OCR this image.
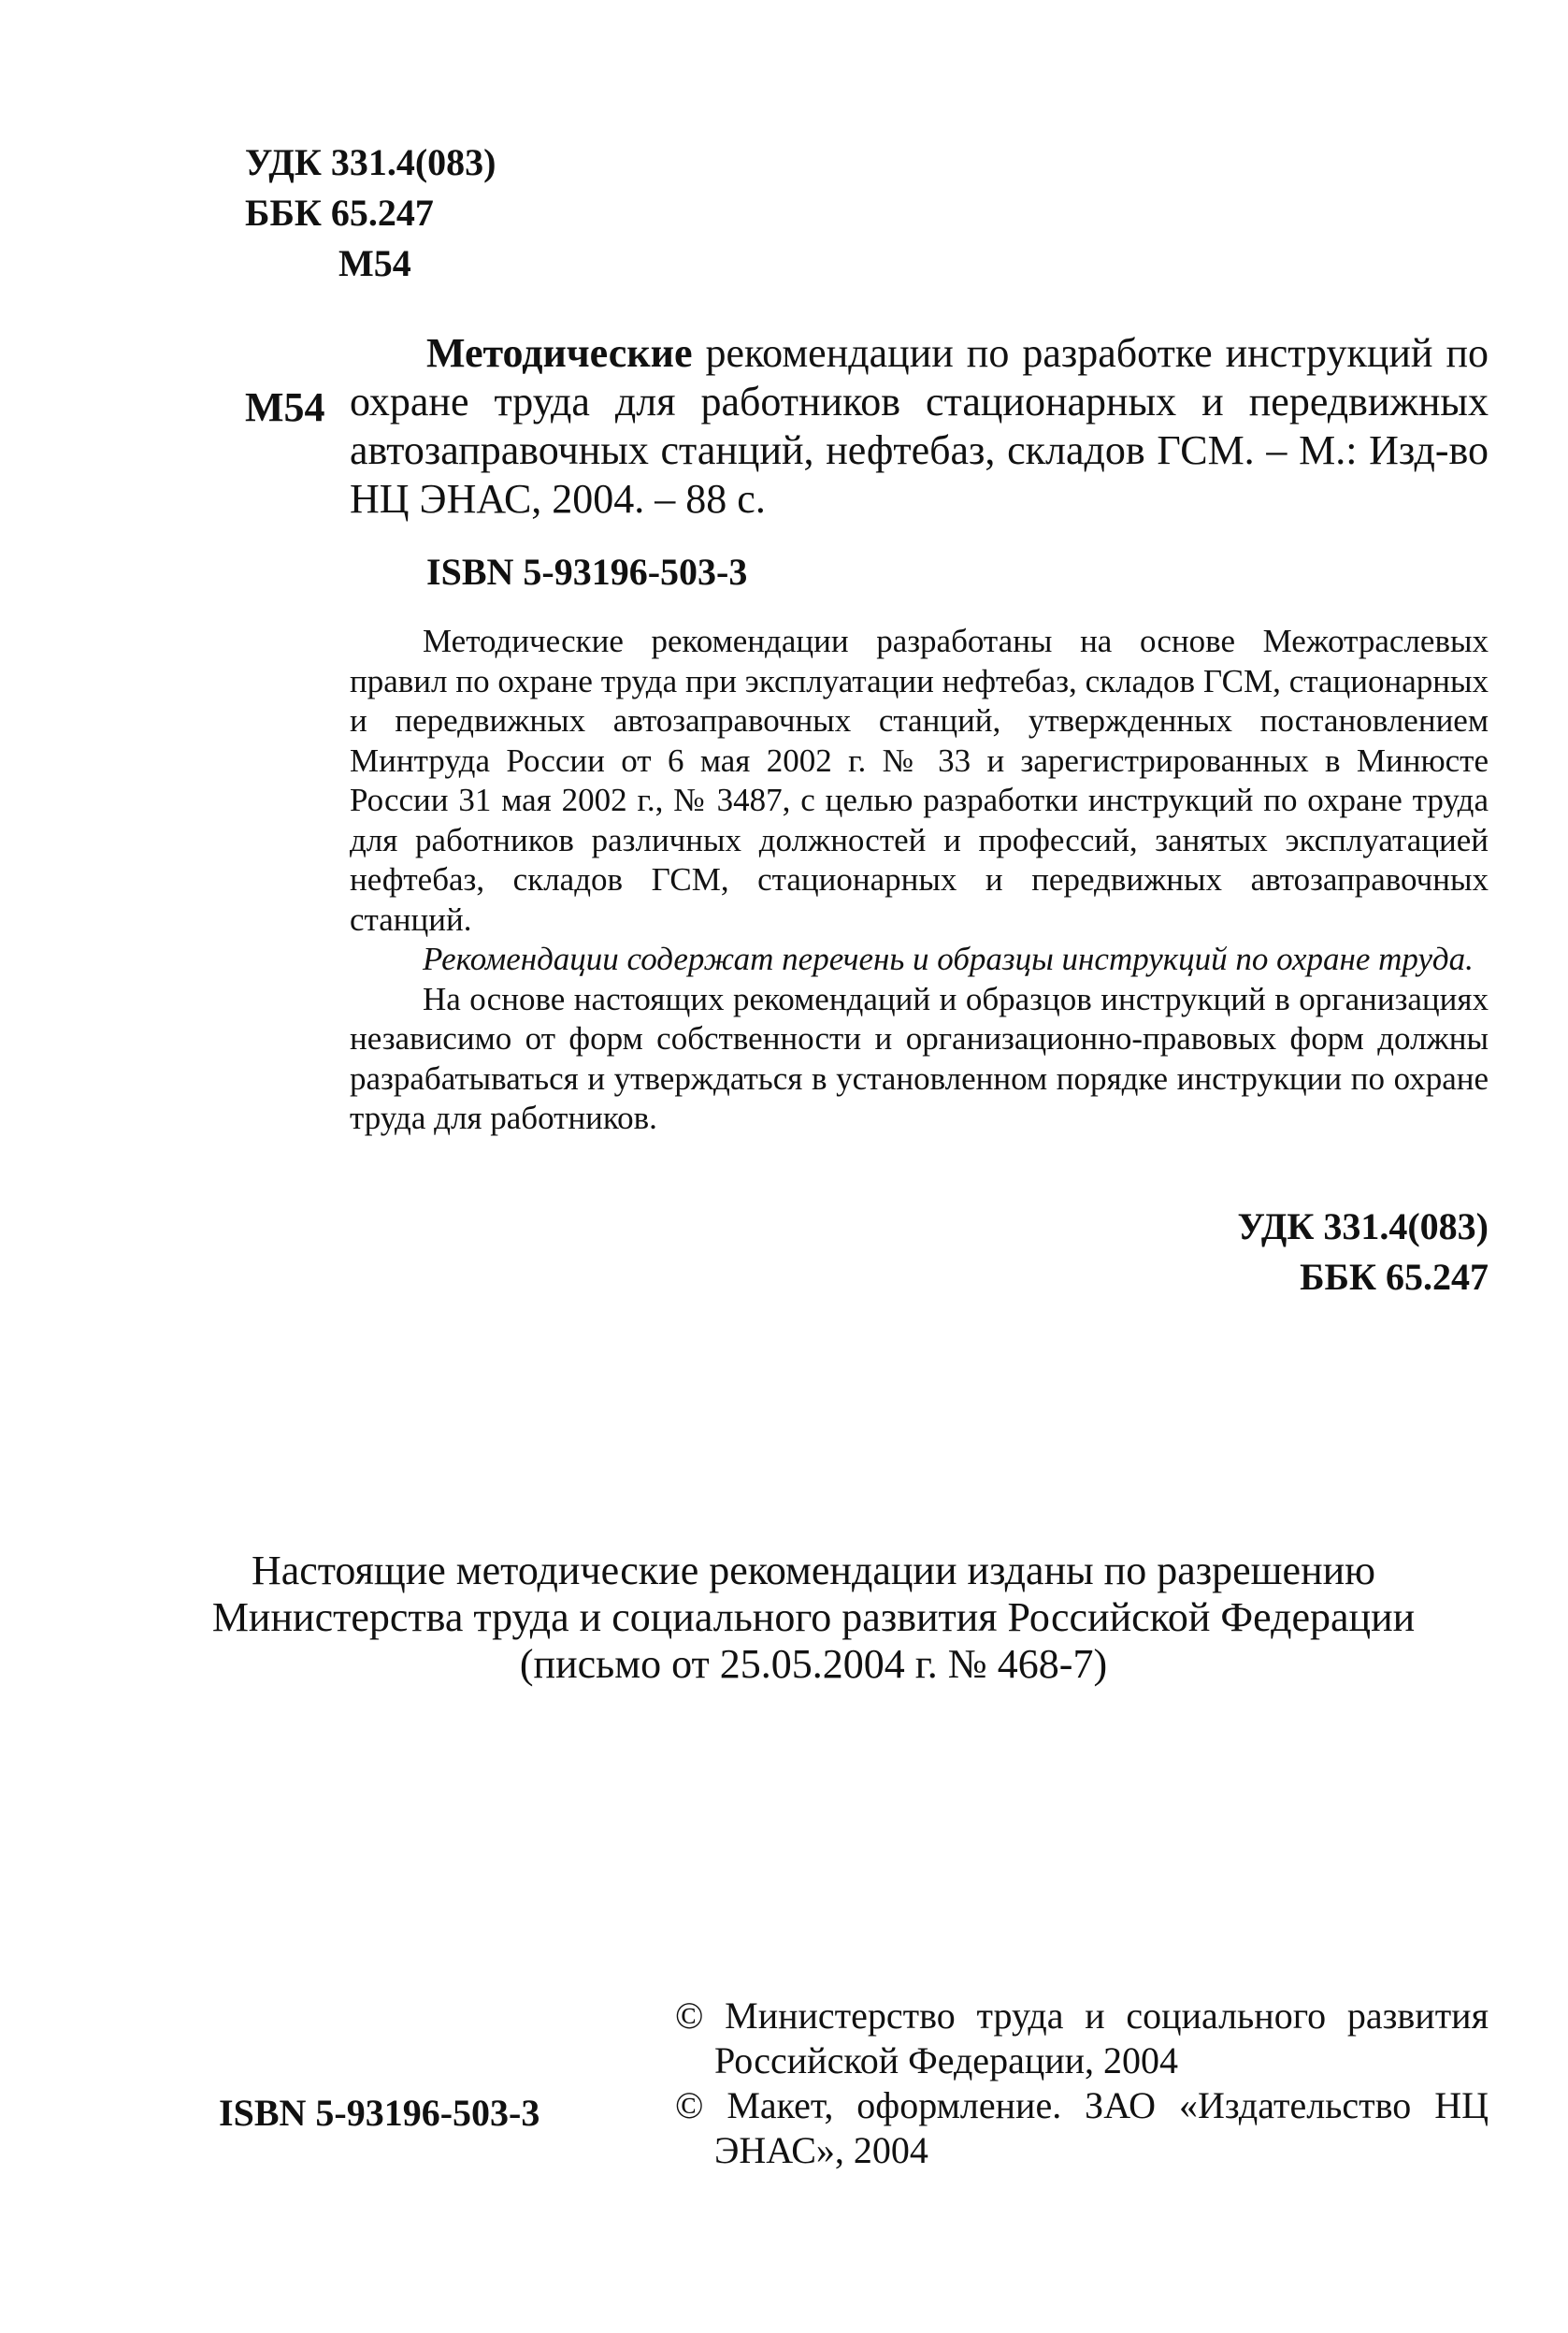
УДК 331.4(083)
ББК 65.247
М54
М54
Методические рекомендации по разработке инструкций по охране труда для работников стационарных и передвижных автозаправочных станций, нефтебаз, складов ГСМ. – М.: Изд-во НЦ ЭНАС, 2004. – 88 с.
ISBN 5-93196-503-3

Методические рекомендации разработаны на основе Межотраслевых правил по охране труда при эксплуатации нефтебаз, складов ГСМ, стационарных и передвижных автозаправочных станций, утвержденных постановлением Минтруда России от 6 мая 2002 г. № 33 и зарегистрированных в Минюсте России 31 мая 2002 г., № 3487, с целью разработки инструкций по охране труда для работников различных должностей и профессий, занятых эксплуатацией нефтебаз, складов ГСМ, стационарных и передвижных автозаправочных станций.

Рекомендации содержат перечень и образцы инструкций по охране труда.

На основе настоящих рекомендаций и образцов инструкций в организациях независимо от форм собственности и организационно-правовых форм должны разрабатываться и утверждаться в установленном порядке инструкции по охране труда для работников.

УДК 331.4(083)
ББК 65.247
Настоящие методические рекомендации изданы по разрешению
Министерства труда и социального развития Российской Федерации
(письмо от 25.05.2004 г. № 468-7)
© Министерство труда и социального развития Российской Федерации, 2004
© Макет, оформление. ЗАО «Издательство НЦ ЭНАС», 2004
ISBN 5-93196-503-3
